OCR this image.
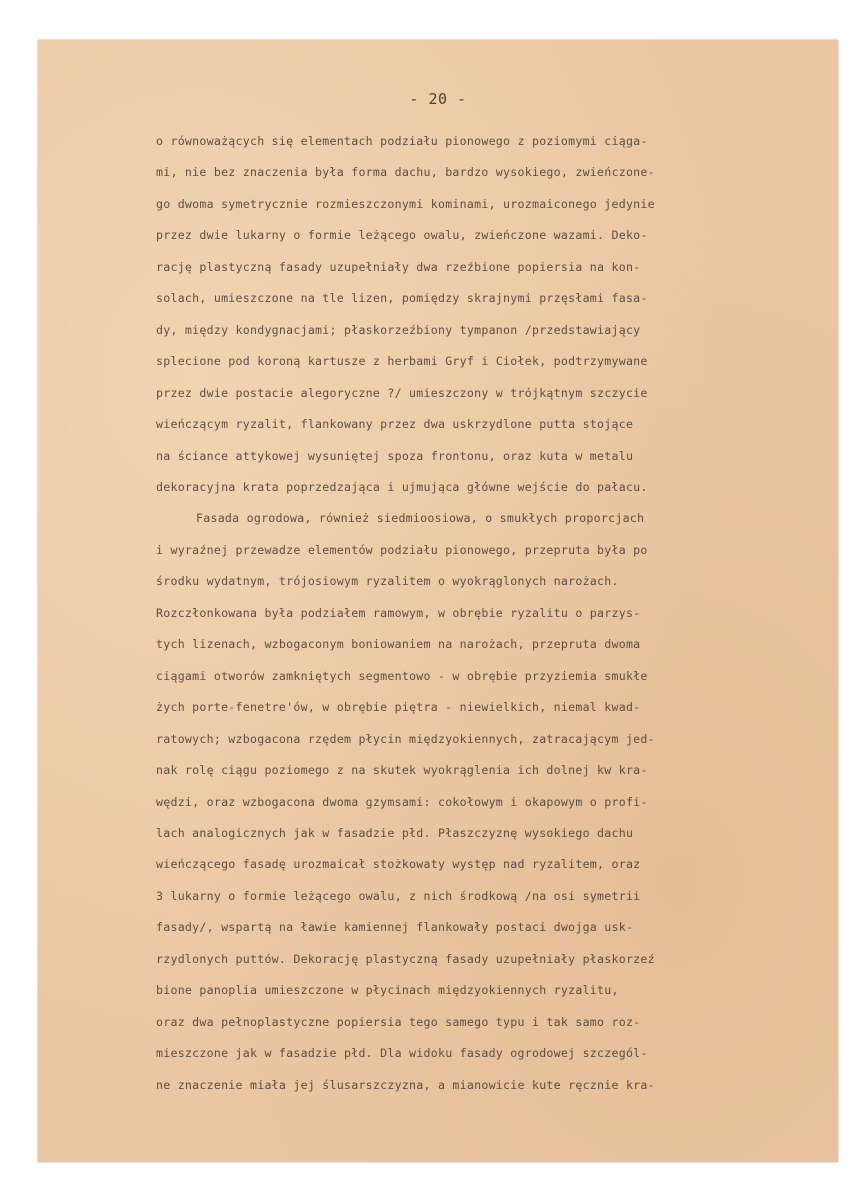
- 20 -
o równoważących się elementach podziału pionowego z poziomymi ciąga-
mi, nie bez znaczenia była forma dachu, bardzo wysokiego, zwieńczone-
go dwoma symetrycznie rozmieszczonymi kominami, urozmaiconego jedynie
przez dwie lukarny o formie leżącego owalu, zwieńczone wazami. Deko-
rację plastyczną fasady uzupełniały dwa rzeźbione popiersia na kon-
solach, umieszczone na tle lizen, pomiędzy skrajnymi przęsłami fasa-
dy, między kondygnacjami; płaskorzeźbiony tympanon /przedstawiający
splecione pod koroną kartusze z herbami Gryf i Ciołek, podtrzymywane
przez dwie postacie alegoryczne ?/ umieszczony w trójkątnym szczycie
wieńczącym ryzalit, flankowany przez dwa uskrzydlone putta stojące
na ściance attykowej wysuniętej spoza frontonu, oraz kuta w metalu
dekoracyjna krata poprzedzająca i ujmująca główne wejście do pałacu.
Fasada ogrodowa, również siedmioosiowa, o smukłych proporcjach
i wyraźnej przewadze elementów podziału pionowego, przeprutа była po
środku wydatnym, trójosiowym ryzalitem o wyokrąglonych narożach.
Rozczłonkowana była podziałem ramowym, w obrębie ryzalitu o parzys-
tych lizenach, wzbogaconym boniowaniem na narożach, przepruta dwoma
ciągami otworów zamkniętych segmentowo - w obrębie przyziemia smukłe
żych porte-fenetre'ów, w obrębie piętra - niewielkich, niemal kwad-
ratowych; wzbogacona rzędem płycin międzyokiennych, zatracającym jed-
nak rolę ciągu poziomego z na skutek wyokrąglenia ich dolnej kw kra-
wędzi, oraz wzbogacona dwoma gzymsami: cokołowym i okapowym o profi-
lach analogicznych jak w fasadzie płd. Płaszczyznę wysokiego dachu
wieńczącego fasadę urozmaicał stożkowaty występ nad ryzalitem, oraz
3 lukarny o formie leżącego owalu, z nich środkową /na osi symetrii
fasady/, wspartą na ławie kamiennej flankowały postaci dwojga usk-
rzydlonych puttów. Dekorację plastyczną fasady uzupełniały płaskorzeź
bione panoplia umieszczone w płycinach międzyokiennych ryzalitu,
oraz dwa pełnoplastyczne popiersia tego samego typu i tak samo roz-
mieszczone jak w fasadzie płd. Dla widoku fasady ogrodowej szczegól-
ne znaczenie miała jej ślusarszczyzna, a mianowicie kute ręcznie kra-
